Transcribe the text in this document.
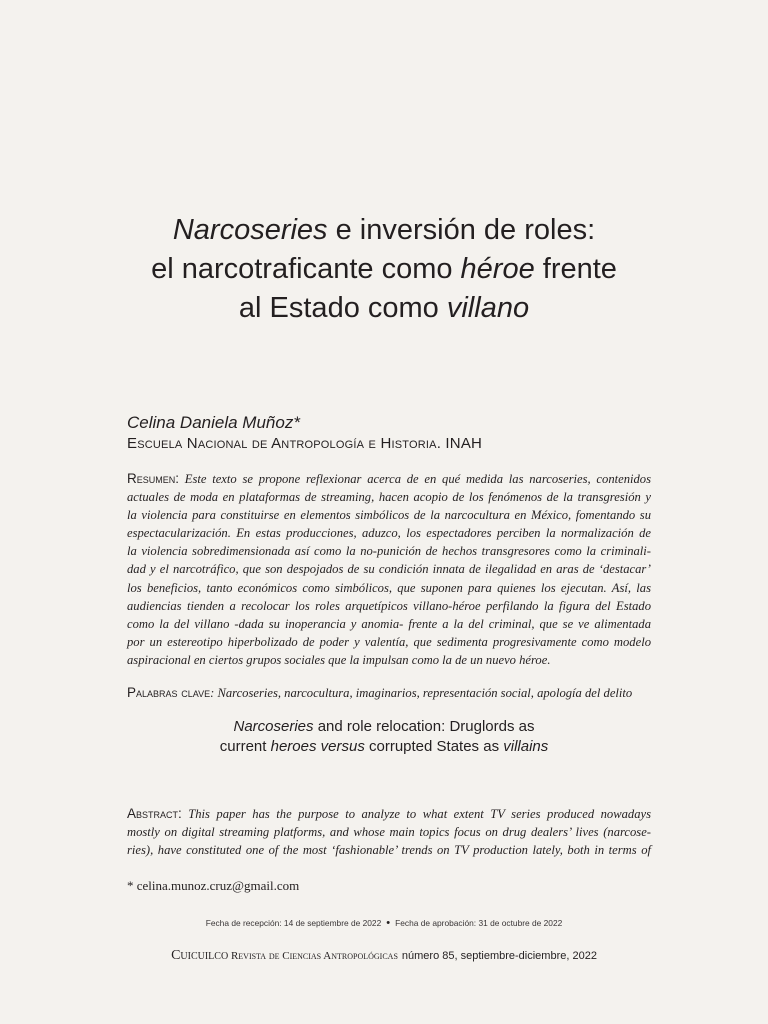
Narcoseries e inversión de roles:
el narcotraficante como héroe frente
al Estado como villano
Celina Daniela Muñoz*
Escuela Nacional de Antropología e Historia. INAH
Resumen: Este texto se propone reflexionar acerca de en qué medida las narcoseries, contenidos
actuales de moda en plataformas de streaming, hacen acopio de los fenómenos de la transgresión y
la violencia para constituirse en elementos simbólicos de la narcocultura en México, fomentando su
espectacularización. En estas producciones, aduzco, los espectadores perciben la normalización de
la violencia sobredimensionada así como la no-punición de hechos transgresores como la criminali-
dad y el narcotráfico, que son despojados de su condición innata de ilegalidad en aras de ‘destacar’
los beneficios, tanto económicos como simbólicos, que suponen para quienes los ejecutan. Así, las
audiencias tienden a recolocar los roles arquetípicos villano-héroe perfilando la figura del Estado
como la del villano -dada su inoperancia y anomia- frente a la del criminal, que se ve alimentada
por un estereotipo hiperbolizado de poder y valentía, que sedimenta progresivamente como modelo
aspiracional en ciertos grupos sociales que la impulsan como la de un nuevo héroe.
Palabras clave: Narcoseries, narcocultura, imaginarios, representación social, apología del delito
Narcoseries and role relocation: Druglords as
current heroes versus corrupted States as villains
Abstract: This paper has the purpose to analyze to what extent TV series produced nowadays
mostly on digital streaming platforms, and whose main topics focus on drug dealers’ lives (narcose-
ries), have constituted one of the most ‘fashionable’ trends on TV production lately, both in terms of
* celina.munoz.cruz@gmail.com
Fecha de recepción: 14 de septiembre de 2022 • Fecha de aprobación: 31 de octubre de 2022
Cuicuilco Revista de Ciencias Antropológicas número 85, septiembre-diciembre, 2022
